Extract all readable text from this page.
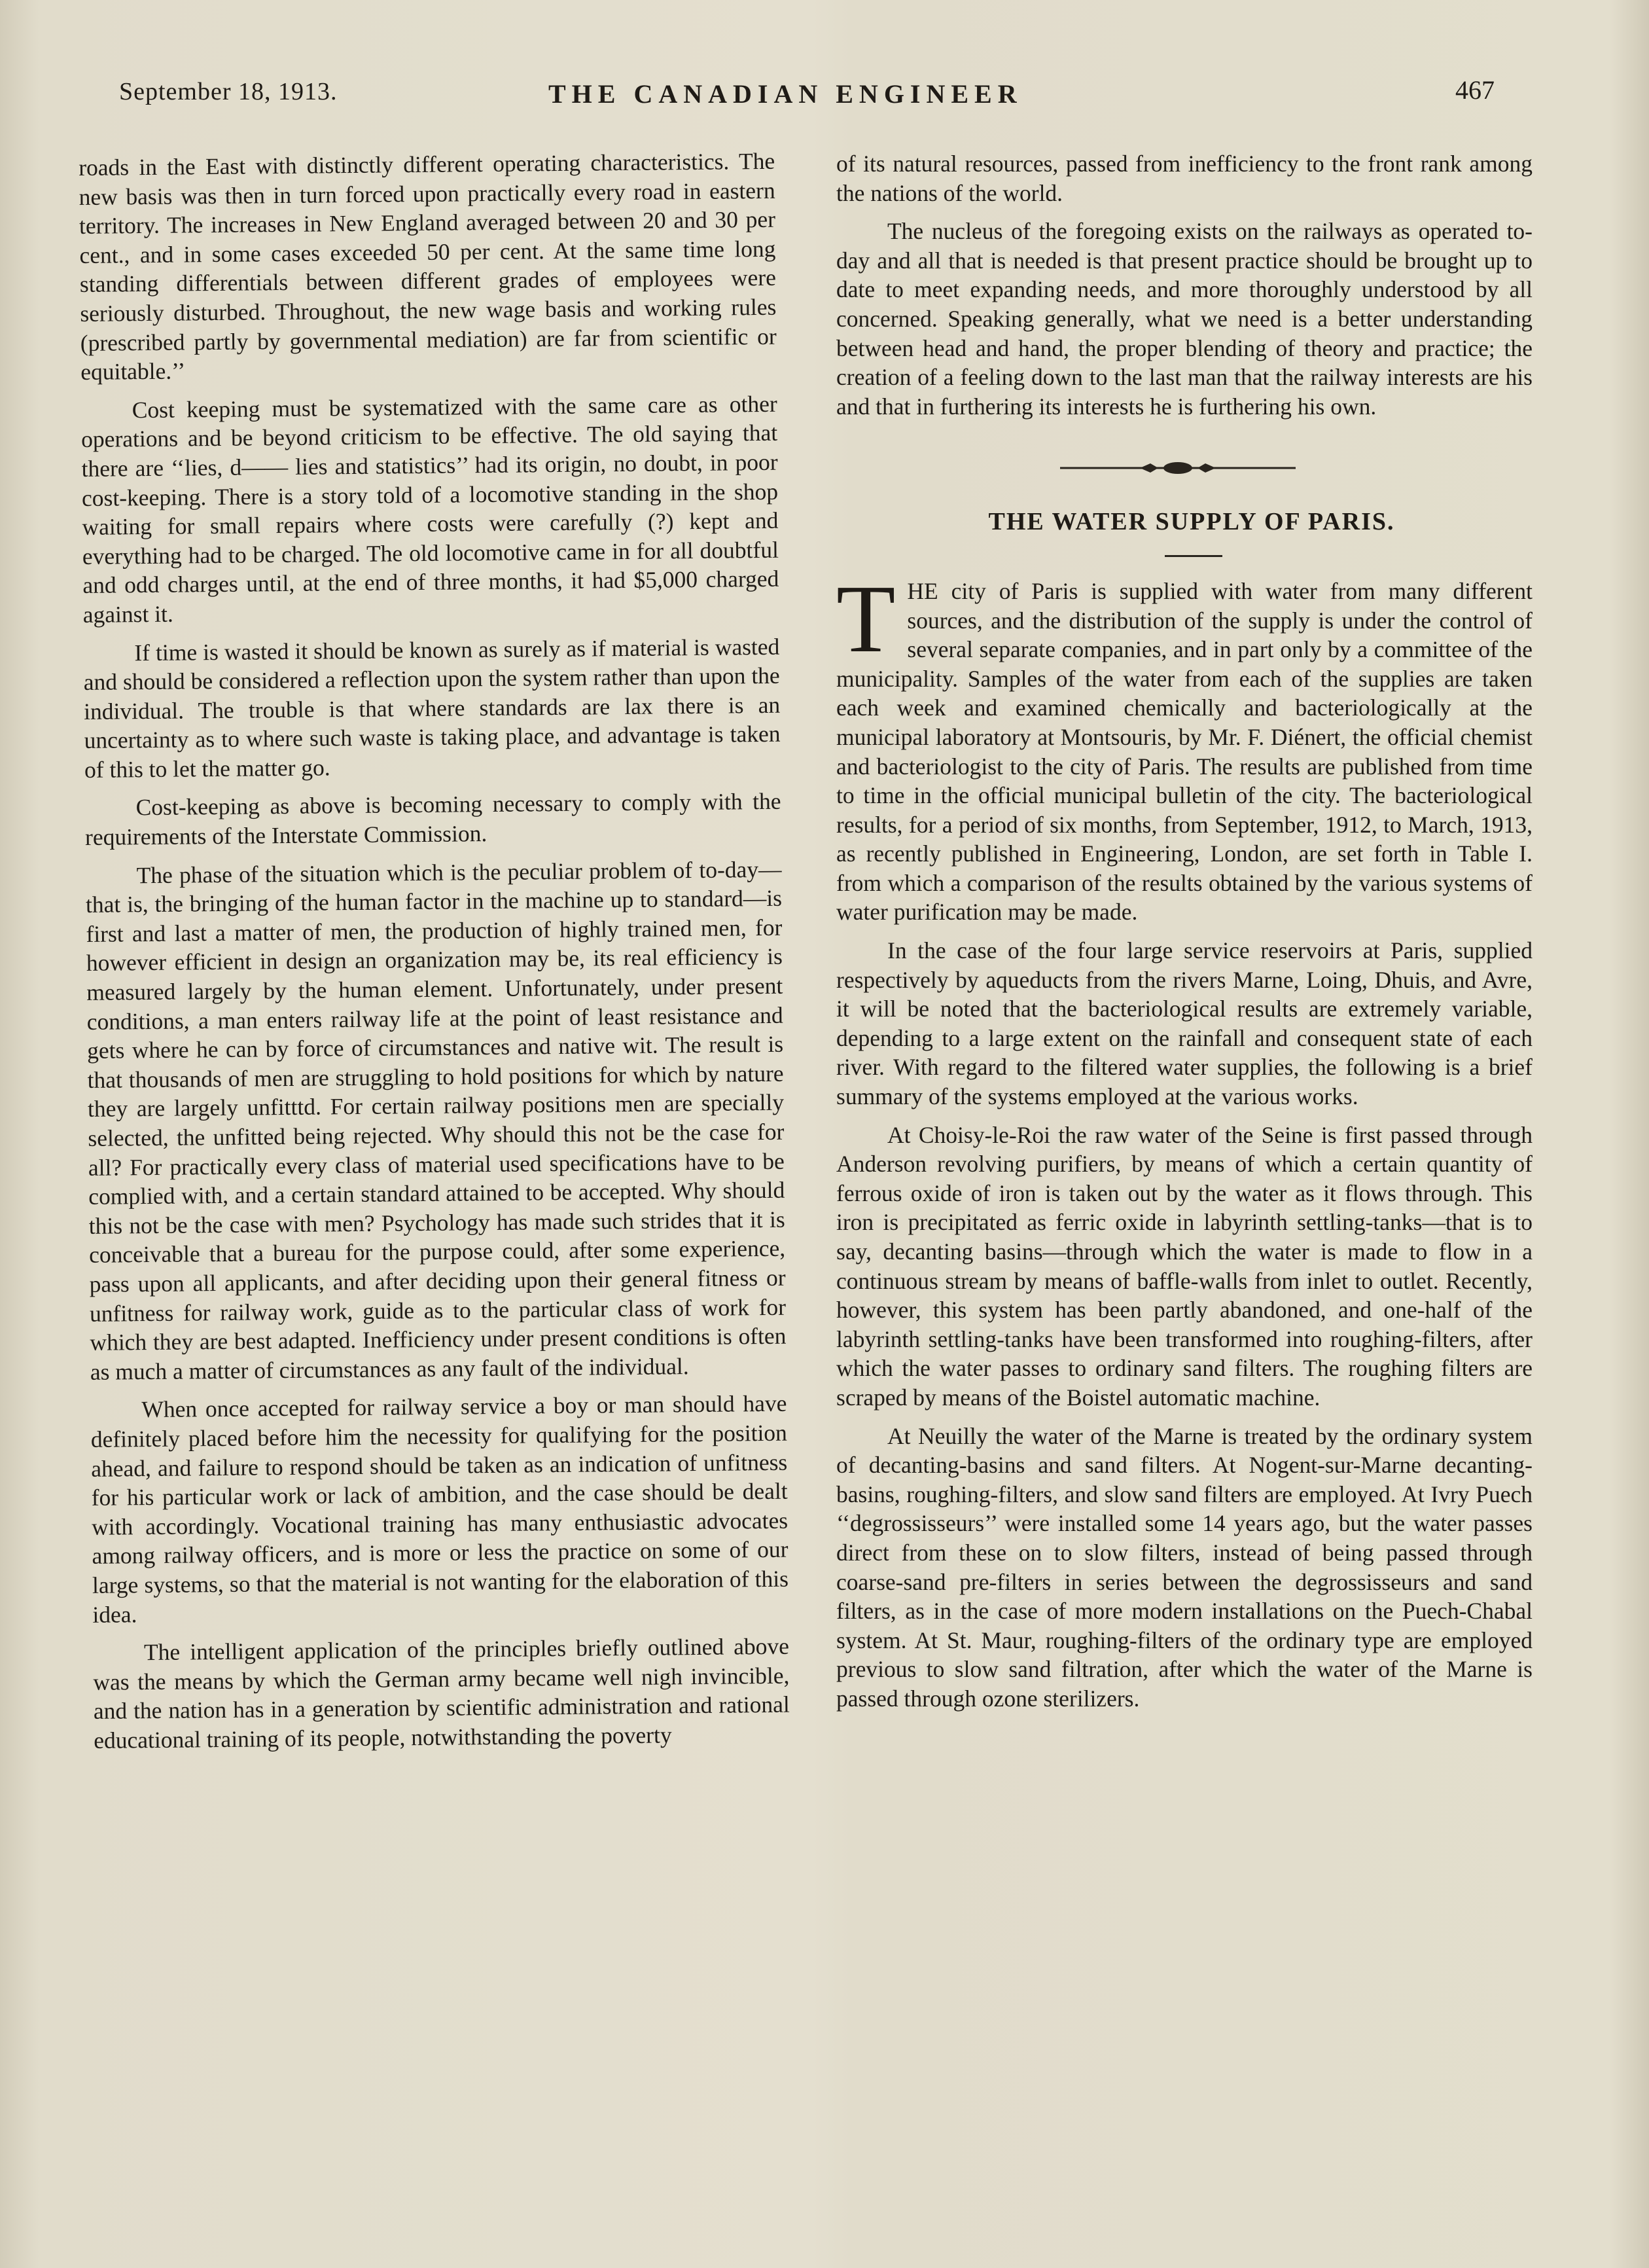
September 18, 1913.	THE CANADIAN ENGINEER	467

roads in the East with distinctly different operating characteristics. The new basis was then in turn forced upon practically every road in eastern territory. The increases in New England averaged between 20 and 30 per cent., and in some cases exceeded 50 per cent. At the same time long standing differentials between different grades of employees were seriously disturbed. Throughout, the new wage basis and working rules (prescribed partly by governmental mediation) are far from scientific or equitable.’’

Cost keeping must be systematized with the same care as other operations and be beyond criticism to be effective. The old saying that there are ‘‘lies, d—— lies and statistics’’ had its origin, no doubt, in poor cost-keeping. There is a story told of a locomotive standing in the shop waiting for small repairs where costs were carefully (?) kept and everything had to be charged. The old locomotive came in for all doubtful and odd charges until, at the end of three months, it had $5,000 charged against it.

If time is wasted it should be known as surely as if material is wasted and should be considered a reflection upon the system rather than upon the individual. The trouble is that where standards are lax there is an uncertainty as to where such waste is taking place, and advantage is taken of this to let the matter go.

Cost-keeping as above is becoming necessary to comply with the requirements of the Interstate Commission.

The phase of the situation which is the peculiar problem of to-day—that is, the bringing of the human factor in the machine up to standard—is first and last a matter of men, the production of highly trained men, for however efficient in design an organization may be, its real efficiency is measured largely by the human element. Unfortunately, under present conditions, a man enters railway life at the point of least resistance and gets where he can by force of circumstances and native wit. The result is that thousands of men are struggling to hold positions for which by nature they are largely unfitttd. For certain railway positions men are specially selected, the unfitted being rejected. Why should this not be the case for all? For practically every class of material used specifications have to be complied with, and a certain standard attained to be accepted. Why should this not be the case with men? Psychology has made such strides that it is conceivable that a bureau for the purpose could, after some experience, pass upon all applicants, and after deciding upon their general fitness or unfitness for railway work, guide as to the particular class of work for which they are best adapted. Inefficiency under present conditions is often as much a matter of circumstances as any fault of the individual.

When once accepted for railway service a boy or man should have definitely placed before him the necessity for qualifying for the position ahead, and failure to respond should be taken as an indication of unfitness for his particular work or lack of ambition, and the case should be dealt with accordingly. Vocational training has many enthusiastic advocates among railway officers, and is more or less the practice on some of our large systems, so that the material is not wanting for the elaboration of this idea.

The intelligent application of the principles briefly outlined above was the means by which the German army became well nigh invincible, and the nation has in a generation by scientific administration and rational educational training of its people, notwithstanding the poverty

of its natural resources, passed from inefficiency to the front rank among the nations of the world.

The nucleus of the foregoing exists on the railways as operated to-day and all that is needed is that present practice should be brought up to date to meet expanding needs, and more thoroughly understood by all concerned. Speaking generally, what we need is a better understanding between head and hand, the proper blending of theory and practice; the creation of a feeling down to the last man that the railway interests are his and that in furthering its interests he is furthering his own.

THE WATER SUPPLY OF PARIS.

THE city of Paris is supplied with water from many different sources, and the distribution of the supply is under the control of several separate companies, and in part only by a committee of the municipality. Samples of the water from each of the supplies are taken each week and examined chemically and bacteriologically at the municipal laboratory at Montsouris, by Mr. F. Diénert, the official chemist and bacteriologist to the city of Paris. The results are published from time to time in the official municipal bulletin of the city. The bacteriological results, for a period of six months, from September, 1912, to March, 1913, as recently published in Engineering, London, are set forth in Table I. from which a comparison of the results obtained by the various systems of water purification may be made.

In the case of the four large service reservoirs at Paris, supplied respectively by aqueducts from the rivers Marne, Loing, Dhuis, and Avre, it will be noted that the bacteriological results are extremely variable, depending to a large extent on the rainfall and consequent state of each river. With regard to the filtered water supplies, the following is a brief summary of the systems employed at the various works.

At Choisy-le-Roi the raw water of the Seine is first passed through Anderson revolving purifiers, by means of which a certain quantity of ferrous oxide of iron is taken out by the water as it flows through. This iron is precipitated as ferric oxide in labyrinth settling-tanks—that is to say, decanting basins—through which the water is made to flow in a continuous stream by means of baffle-walls from inlet to outlet. Recently, however, this system has been partly abandoned, and one-half of the labyrinth settling-tanks have been transformed into roughing-filters, after which the water passes to ordinary sand filters. The roughing filters are scraped by means of the Boistel automatic machine.

At Neuilly the water of the Marne is treated by the ordinary system of decanting-basins and sand filters. At Nogent-sur-Marne decanting-basins, roughing-filters, and slow sand filters are employed. At Ivry Puech ‘‘degrossisseurs’’ were installed some 14 years ago, but the water passes direct from these on to slow filters, instead of being passed through coarse-sand pre-filters in series between the degrossisseurs and sand filters, as in the case of more modern installations on the Puech-Chabal system. At St. Maur, roughing-filters of the ordinary type are employed previous to slow sand filtration, after which the water of the Marne is passed through ozone sterilizers.
